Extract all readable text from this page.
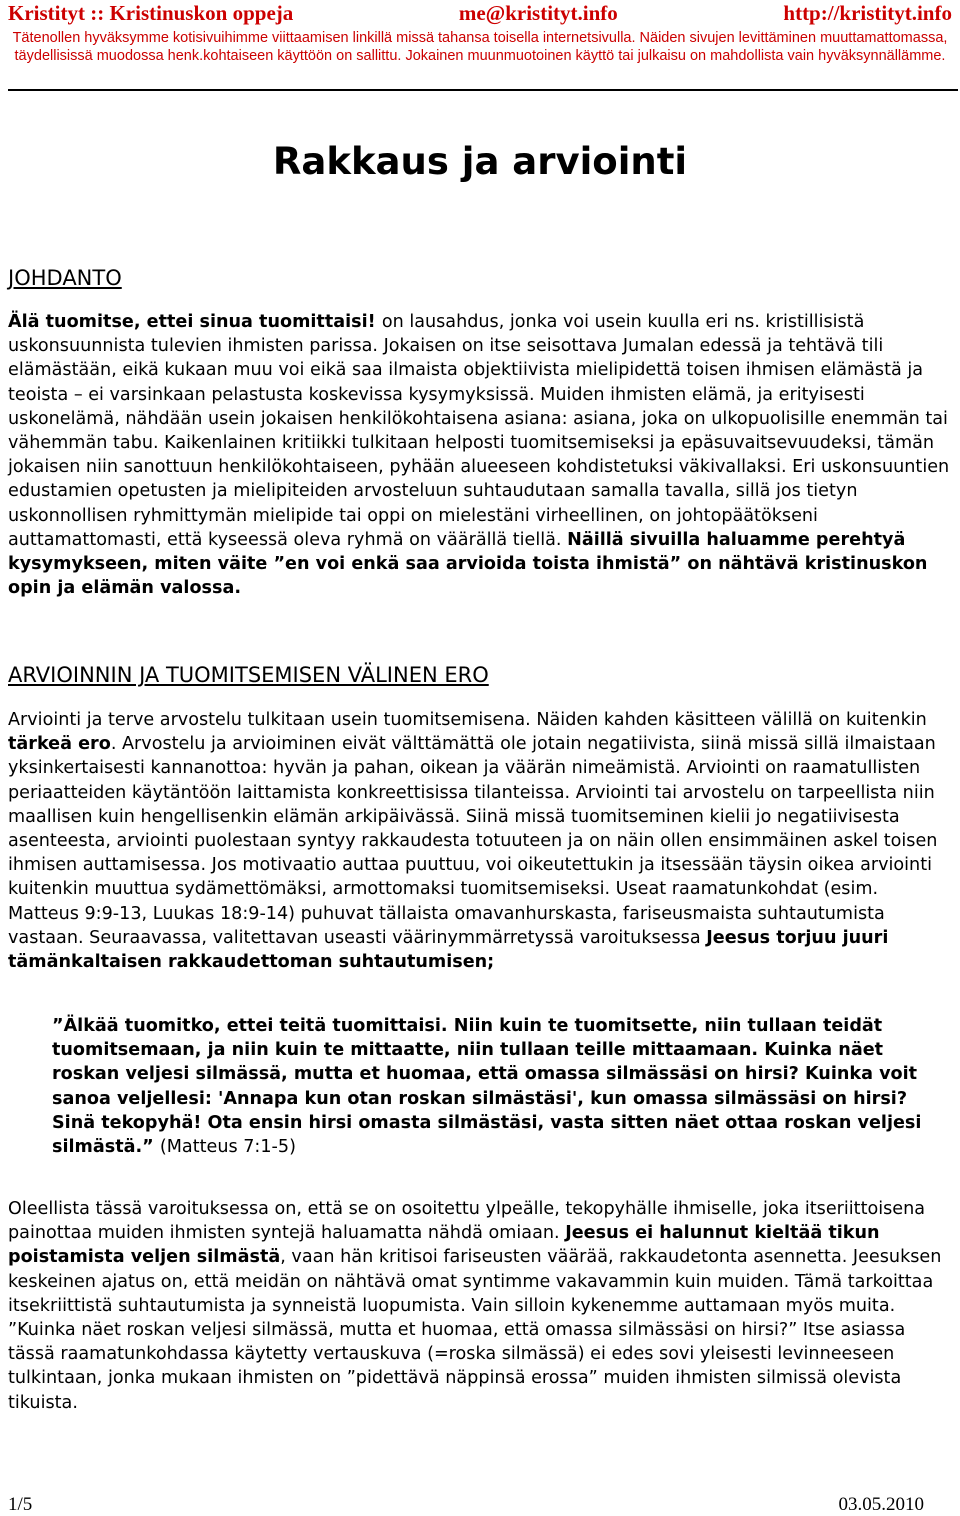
Kristityt :: Kristinuskon oppeja	me@kristityt.info	http://kristityt.info
Tätenollen hyväksymme kotisivuihimme viittaamisen linkillä missä tahansa toisella internetsivulla. Näiden sivujen levittäminen muuttamattomassa, täydellisissä muodossa henk.kohtaiseen käyttöön on sallittu. Jokainen muunmuotoinen käyttö tai julkaisu on mahdollista vain hyväksynnällämme.
Rakkaus ja arviointi
JOHDANTO

Älä tuomitse, ettei sinua tuomittaisi! on lausahdus, jonka voi usein kuulla eri ns. kristillisistä uskonsuunnista tulevien ihmisten parissa. Jokaisen on itse seisottava Jumalan edessä ja tehtävä tili elämästään, eikä kukaan muu voi eikä saa ilmaista objektiivista mielipidettä toisen ihmisen elämästä ja teoista – ei varsinkaan pelastusta koskevissa kysymyksissä. Muiden ihmisten elämä, ja erityisesti uskonelämä, nähdään usein jokaisen henkilökohtaisena asiana: asiana, joka on ulkopuolisille enemmän tai vähemmän tabu. Kaikenlainen kritiikki tulkitaan helposti tuomitsemiseksi ja epäsuvaitsevuudeksi, tämän jokaisen niin sanottuun henkilökohtaiseen, pyhään alueeseen kohdistetuksi väkivallaksi. Eri uskonsuuntien edustamien opetusten ja mielipiteiden arvosteluun suhtaudutaan samalla tavalla, sillä jos tietyn uskonnollisen ryhmittymän mielipide tai oppi on mielestäni virheellinen, on johtopäätökseni auttamattomasti, että kyseessä oleva ryhmä on väärällä tiellä. Näillä sivuilla haluamme perehtyä kysymykseen, miten väite ”en voi enkä saa arvioida toista ihmistä” on nähtävä kristinuskon opin ja elämän valossa.

ARVIOINNIN JA TUOMITSEMISEN VÄLINEN ERO

Arviointi ja terve arvostelu tulkitaan usein tuomitsemisena. Näiden kahden käsitteen välillä on kuitenkin tärkeä ero. Arvostelu ja arvioiminen eivät välttämättä ole jotain negatiivista, siinä missä sillä ilmaistaan yksinkertaisesti kannanottoa: hyvän ja pahan, oikean ja väärän nimeämistä. Arviointi on raamatullisten periaatteiden käytäntöön laittamista konkreettisissa tilanteissa. Arviointi tai arvostelu on tarpeellista niin maallisen kuin hengellisenkin elämän arkipäivässä. Siinä missä tuomitseminen kielii jo negatiivisesta asenteesta, arviointi puolestaan syntyy rakkaudesta totuuteen ja on näin ollen ensimmäinen askel toisen ihmisen auttamisessa. Jos motivaatio auttaa puuttuu, voi oikeutettukin ja itsessään täysin oikea arviointi kuitenkin muuttua sydämettömäksi, armottomaksi tuomitsemiseksi. Useat raamatunkohdat (esim. Matteus 9:9-13, Luukas 18:9-14) puhuvat tällaista omavanhurskasta, fariseusmaista suhtautumista vastaan. Seuraavassa, valitettavan useasti väärinymmärretyssä varoituksessa Jeesus torjuu juuri tämänkaltaisen rakkaudettoman suhtautumisen;

”Älkää tuomitko, ettei teitä tuomittaisi. Niin kuin te tuomitsette, niin tullaan teidät tuomitsemaan, ja niin kuin te mittaatte, niin tullaan teille mittaamaan. Kuinka näet roskan veljesi silmässä, mutta et huomaa, että omassa silmässäsi on hirsi? Kuinka voit sanoa veljellesi: 'Annapa kun otan roskan silmästäsi', kun omassa silmässäsi on hirsi? Sinä tekopyhä! Ota ensin hirsi omasta silmästäsi, vasta sitten näet ottaa roskan veljesi silmästä.” (Matteus 7:1-5)

Oleellista tässä varoituksessa on, että se on osoitettu ylpeälle, tekopyhälle ihmiselle, joka itseriittoisena painottaa muiden ihmisten syntejä haluamatta nähdä omiaan. Jeesus ei halunnut kieltää tikun poistamista veljen silmästä, vaan hän kritisoi fariseusten väärää, rakkaudetonta asennetta. Jeesuksen keskeinen ajatus on, että meidän on nähtävä omat syntimme vakavammin kuin muiden. Tämä tarkoittaa itsekriittistä suhtautumista ja synneistä luopumista. Vain silloin kykenemme auttamaan myös muita. ”Kuinka näet roskan veljesi silmässä, mutta et huomaa, että omassa silmässäsi on hirsi?” Itse asiassa tässä raamatunkohdassa käytetty vertauskuva (=roska silmässä) ei edes sovi yleisesti levinneeseen tulkintaan, jonka mukaan ihmisten on ”pidettävä näppinsä erossa” muiden ihmisten silmissä olevista tikuista.

1/5	03.05.2010
